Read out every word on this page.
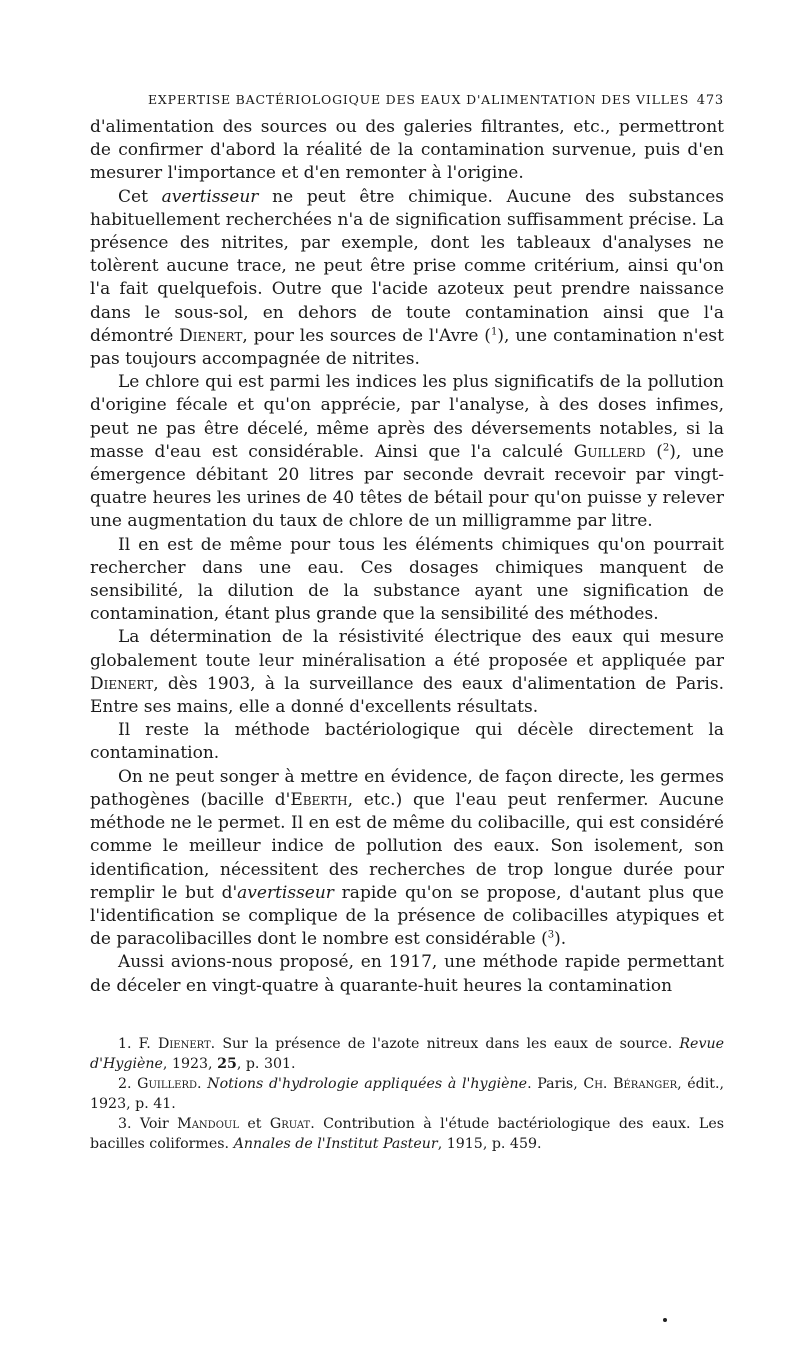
EXPERTISE BACTÉRIOLOGIQUE DES EAUX D'ALIMENTATION DES VILLES 473

d'alimentation des sources ou des galeries filtrantes, etc., permettront de confirmer d'abord la réalité de la contamination survenue, puis d'en mesurer l'importance et d'en remonter à l'origine.

Cet avertisseur ne peut être chimique. Aucune des substances habituellement recherchées n'a de signification suffisamment précise. La présence des nitrites, par exemple, dont les tableaux d'analyses ne tolèrent aucune trace, ne peut être prise comme critérium, ainsi qu'on l'a fait quelquefois. Outre que l'acide azoteux peut prendre naissance dans le sous-sol, en dehors de toute contamination ainsi que l'a démontré Dienert, pour les sources de l'Avre ($^1$), une contamination n'est pas toujours accompagnée de nitrites.

Le chlore qui est parmi les indices les plus significatifs de la pollution d'origine fécale et qu'on apprécie, par l'analyse, à des doses infimes, peut ne pas être décelé, même après des déversements notables, si la masse d'eau est considérable. Ainsi que l'a calculé Guillerd ($^2$), une émergence débitant 20 litres par seconde devrait recevoir par vingt-quatre heures les urines de 40 têtes de bétail pour qu'on puisse y relever une augmentation du taux de chlore de un milligramme par litre.

Il en est de même pour tous les éléments chimiques qu'on pourrait rechercher dans une eau. Ces dosages chimiques manquent de sensibilité, la dilution de la substance ayant une signification de contamination, étant plus grande que la sensibilité des méthodes.

La détermination de la résistivité électrique des eaux qui mesure globalement toute leur minéralisation a été proposée et appliquée par Dienert, dès 1903, à la surveillance des eaux d'alimentation de Paris. Entre ses mains, elle a donné d'excellents résultats.

Il reste la méthode bactériologique qui décèle directement la contamination.

On ne peut songer à mettre en évidence, de façon directe, les germes pathogènes (bacille d'Eberth, etc.) que l'eau peut renfermer. Aucune méthode ne le permet. Il en est de même du colibacille, qui est considéré comme le meilleur indice de pollution des eaux. Son isolement, son identification, nécessitent des recherches de trop longue durée pour remplir le but d'avertisseur rapide qu'on se propose, d'autant plus que l'identification se complique de la présence de colibacilles atypiques et de paracolibacilles dont le nombre est considérable ($^3$).

Aussi avions-nous proposé, en 1917, une méthode rapide permettant de déceler en vingt-quatre à quarante-huit heures la contamination

1. F. Dienert. Sur la présence de l'azote nitreux dans les eaux de source. Revue d'Hygiène, 1923, 25, p. 301.

2. Guillerd. Notions d'hydrologie appliquées à l'hygiène. Paris, Ch. Béranger, édit., 1923, p. 41.

3. Voir Mandoul et Gruat. Contribution à l'étude bactériologique des eaux. Les bacilles coliformes. Annales de l'Institut Pasteur, 1915, p. 459.
